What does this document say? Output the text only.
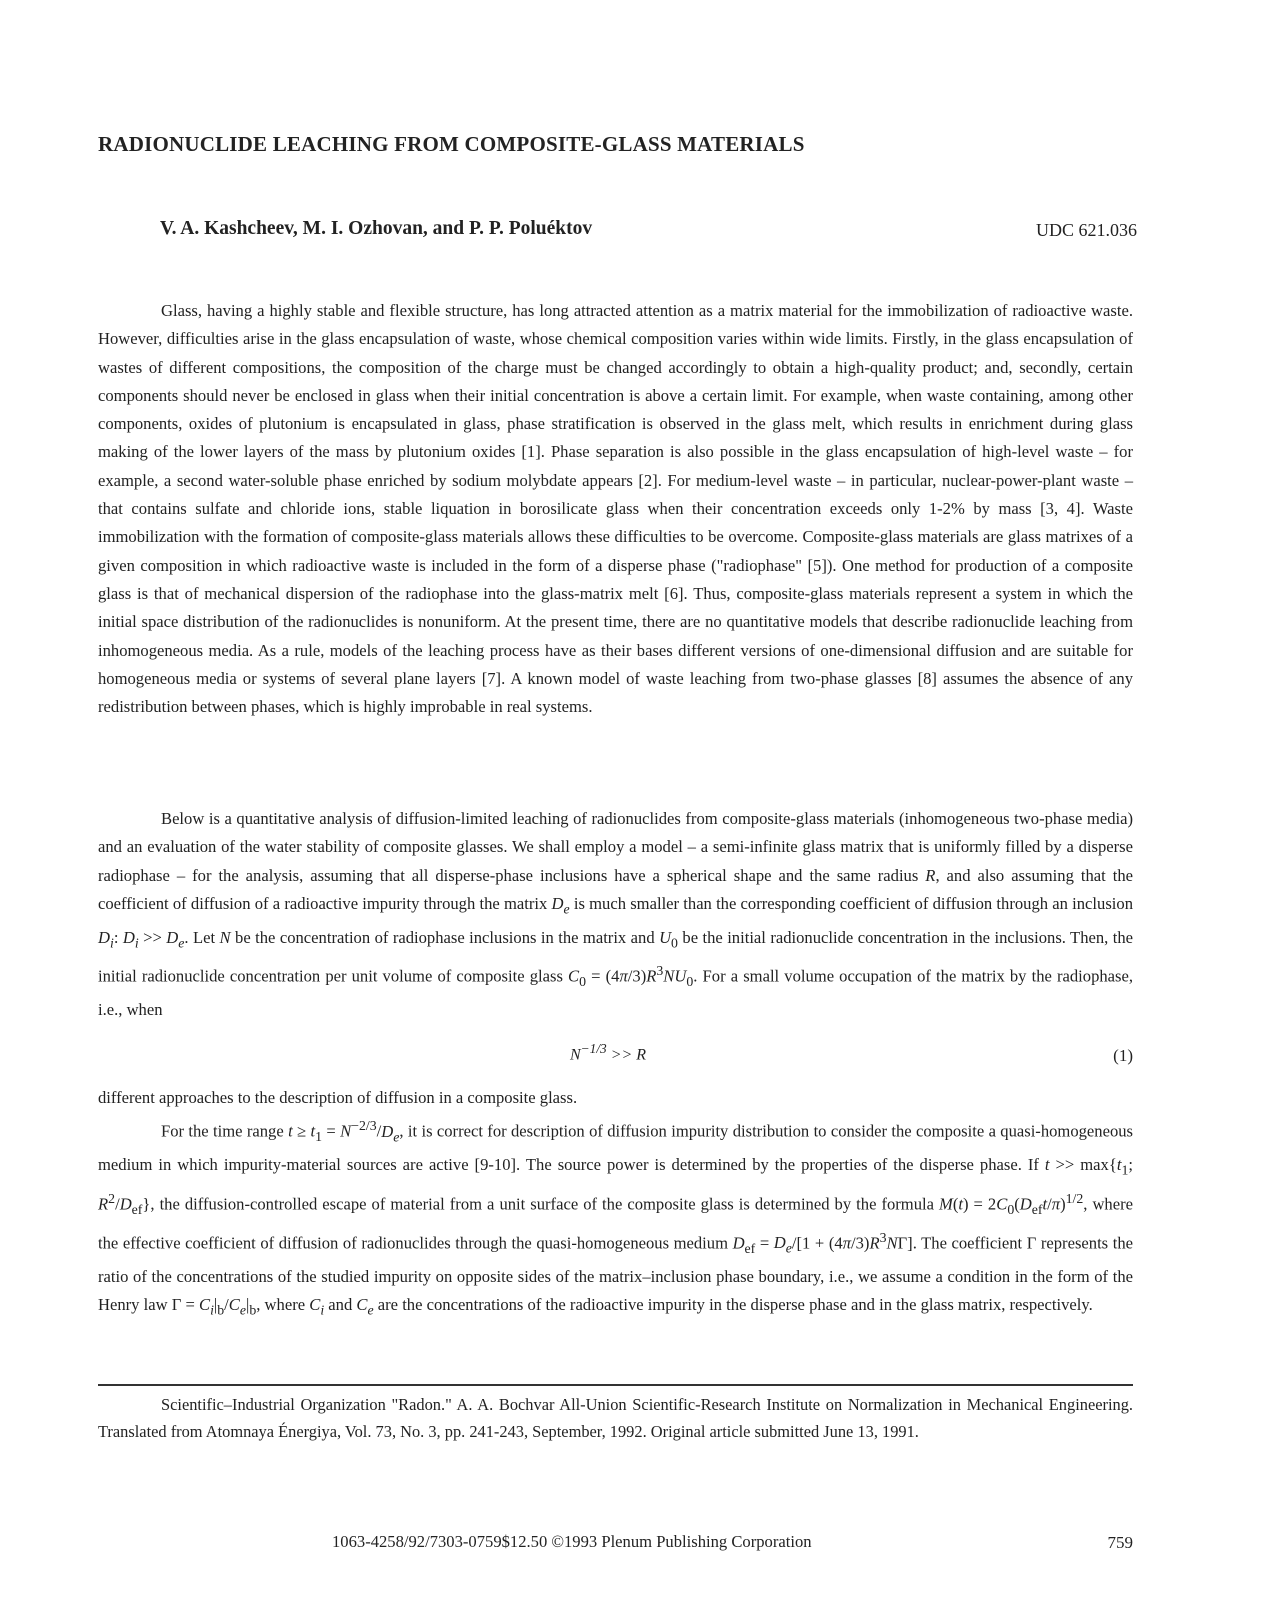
RADIONUCLIDE LEACHING FROM COMPOSITE-GLASS MATERIALS
V. A. Kashcheev, M. I. Ozhovan, and P. P. Poluéktov	UDC 621.036

Glass, having a highly stable and flexible structure, has long attracted attention as a matrix material for the immobilization of radioactive waste. However, difficulties arise in the glass encapsulation of waste, whose chemical composition varies within wide limits. Firstly, in the glass encapsulation of wastes of different compositions, the composition of the charge must be changed accordingly to obtain a high-quality product; and, secondly, certain components should never be enclosed in glass when their initial concentration is above a certain limit. For example, when waste containing, among other components, oxides of plutonium is encapsulated in glass, phase stratification is observed in the glass melt, which results in enrichment during glass making of the lower layers of the mass by plutonium oxides [1]. Phase separation is also possible in the glass encapsulation of high-level waste – for example, a second water-soluble phase enriched by sodium molybdate appears [2]. For medium-level waste – in particular, nuclear-power-plant waste – that contains sulfate and chloride ions, stable liquation in borosilicate glass when their concentration exceeds only 1-2% by mass [3, 4]. Waste immobilization with the formation of composite-glass materials allows these difficulties to be overcome. Composite-glass materials are glass matrixes of a given composition in which radioactive waste is included in the form of a disperse phase ("radiophase" [5]). One method for production of a composite glass is that of mechanical dispersion of the radiophase into the glass-matrix melt [6]. Thus, composite-glass materials represent a system in which the initial space distribution of the radionuclides is nonuniform. At the present time, there are no quantitative models that describe radionuclide leaching from inhomogeneous media. As a rule, models of the leaching process have as their bases different versions of one-dimensional diffusion and are suitable for homogeneous media or systems of several plane layers [7]. A known model of waste leaching from two-phase glasses [8] assumes the absence of any redistribution between phases, which is highly improbable in real systems.

Below is a quantitative analysis of diffusion-limited leaching of radionuclides from composite-glass materials (inhomogeneous two-phase media) and an evaluation of the water stability of composite glasses. We shall employ a model – a semi-infinite glass matrix that is uniformly filled by a disperse radiophase – for the analysis, assuming that all disperse-phase inclusions have a spherical shape and the same radius R, and also assuming that the coefficient of diffusion of a radioactive impurity through the matrix $D_e$ is much smaller than the corresponding coefficient of diffusion through an inclusion $D_i$: $D_i >> D_e$. Let N be the concentration of radiophase inclusions in the matrix and $U_0$ be the initial radionuclide concentration in the inclusions. Then, the initial radionuclide concentration per unit volume of composite glass $C_0 = (4\pi/3)R^3NU_0$. For a small volume occupation of the matrix by the radiophase, i.e., when

$N^{-1/3} >> R$	(1)

different approaches to the description of diffusion in a composite glass.

For the time range $t \ge t_1 = N^{-2/3}/D_e$, it is correct for description of diffusion impurity distribution to consider the composite a quasi-homogeneous medium in which impurity-material sources are active [9-10]. The source power is determined by the properties of the disperse phase. If $t >> \max\{t_1$; $R^2/D_{ef}$}, the diffusion-controlled escape of material from a unit surface of the composite glass is determined by the formula $M(t) = 2C_0(D_{ef}t/\pi)^{1/2}$, where the effective coefficient of diffusion of radionuclides through the quasi-homogeneous medium $D_{ef} = D_e/[1 + (4\pi/3)R^3N\Gamma]$. The coefficient Γ represents the ratio of the concentrations of the studied impurity on opposite sides of the matrix–inclusion phase boundary, i.e., we assume a condition in the form of the Henry law $\Gamma = C_i|_b/C_e|_b$, where $C_i$ and $C_e$ are the concentrations of the radioactive impurity in the disperse phase and in the glass matrix, respectively.

Scientific–Industrial Organization "Radon." A. A. Bochvar All-Union Scientific-Research Institute on Normalization in Mechanical Engineering. Translated from Atomnaya Énergiya, Vol. 73, No. 3, pp. 241-243, September, 1992. Original article submitted June 13, 1991.

1063-4258/92/7303-0759$12.50 ©1993 Plenum Publishing Corporation	759
